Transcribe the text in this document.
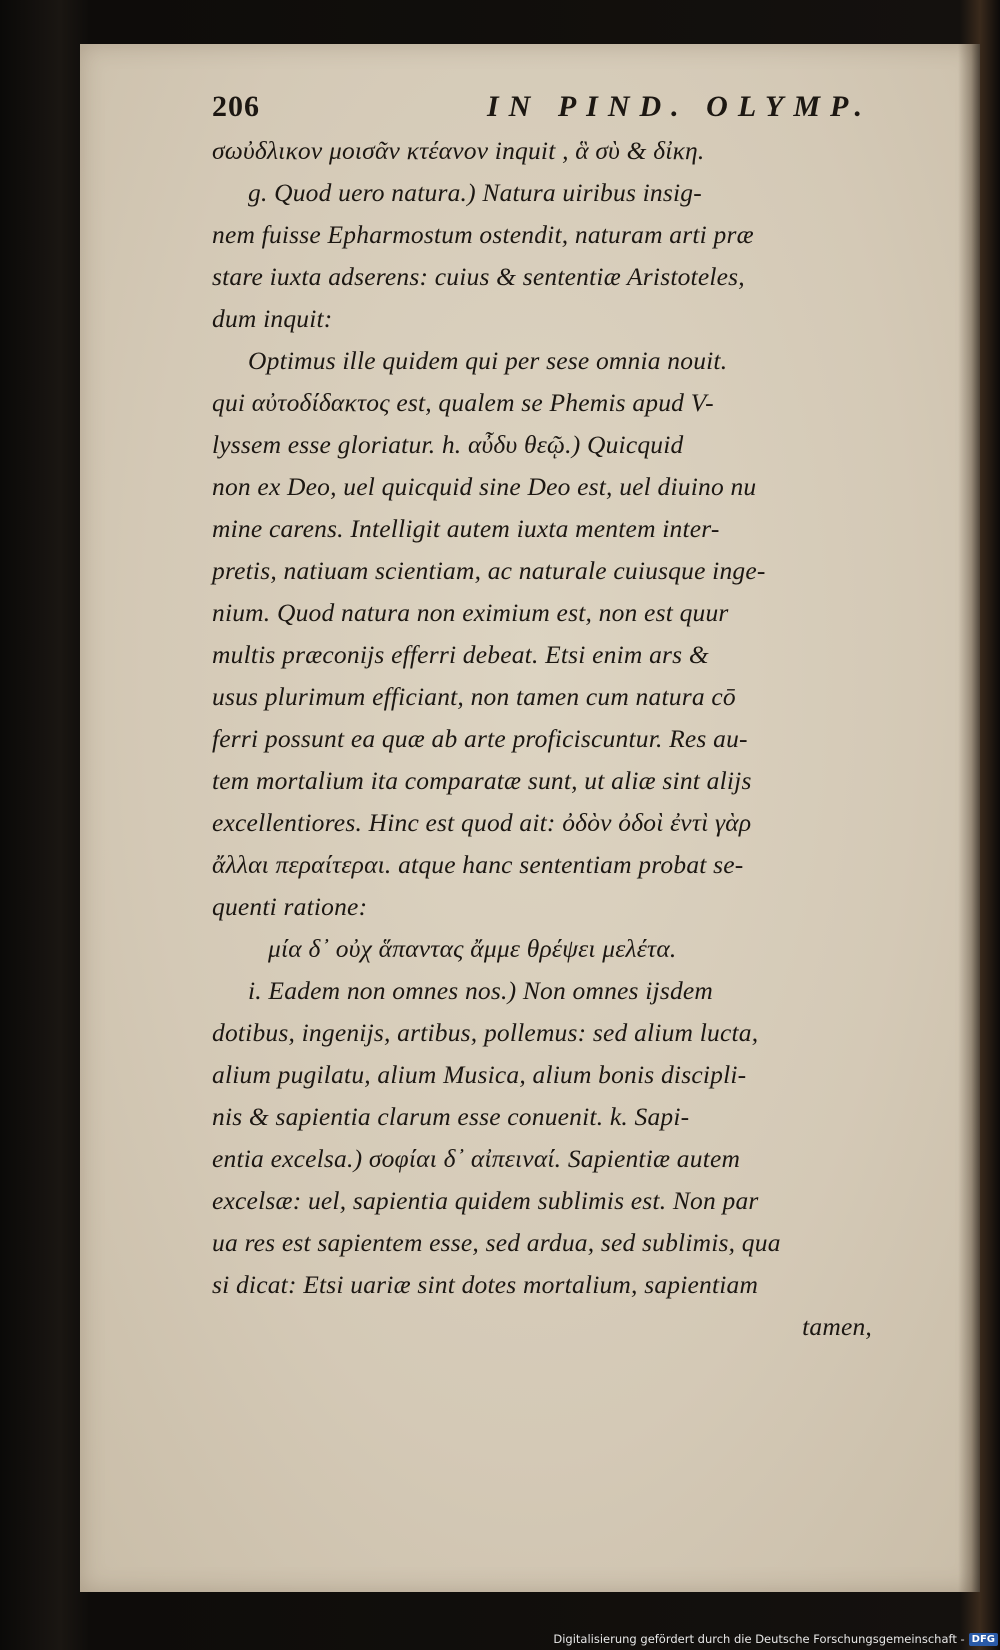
206	IN PIND. OLYMP.
σωὐδλικον μοισᾶν κτέανον inquit , ἃ σὺ & δἰκη.
g. Quod uero natura.) Natura uiribus insig-
nem fuisse Epharmostum ostendit, naturam arti præ
stare iuxta adserens: cuius & sententiæ Aristoteles,
dum inquit:
Optimus ille quidem qui per sese omnia nouit.
qui αὐτοδίδακτος est, qualem se Phemis apud V-
lyssem esse gloriatur. h. αὖδυ θεῷ.) Quicquid
non ex Deo, uel quicquid sine Deo est, uel diuino nu
mine carens. Intelligit autem iuxta mentem inter-
pretis, natiuam scientiam, ac naturale cuiusque inge-
nium. Quod natura non eximium est, non est quur
multis præconijs efferri debeat. Etsi enim ars &
usus plurimum efficiant, non tamen cum natura cō
ferri possunt ea quæ ab arte proficiscuntur. Res au-
tem mortalium ita comparatæ sunt, ut aliæ sint alijs
excellentiores. Hinc est quod ait: ὀδὸν ὀδοὶ ἐντὶ γὰρ
ἄλλαι περαίτεραι. atque hanc sententiam probat se-
quenti ratione:
μία δ᾽ οὐχ ἅπαντας ἄμμε θρέψει μελέτα.
i. Eadem non omnes nos.) Non omnes ijsdem
dotibus, ingenijs, artibus, pollemus: sed alium lucta,
alium pugilatu, alium Musica, alium bonis discipli-
nis & sapientia clarum esse conuenit. k. Sapi-
entia excelsa.) σοφίαι δ᾽ αἰπειναί. Sapientiæ autem
excelsæ: uel, sapientia quidem sublimis est. Non par
ua res est sapientem esse, sed ardua, sed sublimis, qua
si dicat: Etsi uariæ sint dotes mortalium, sapientiam
tamen,
Digitalisierung gefördert durch die Deutsche Forschungsgemeinschaft - DFG
